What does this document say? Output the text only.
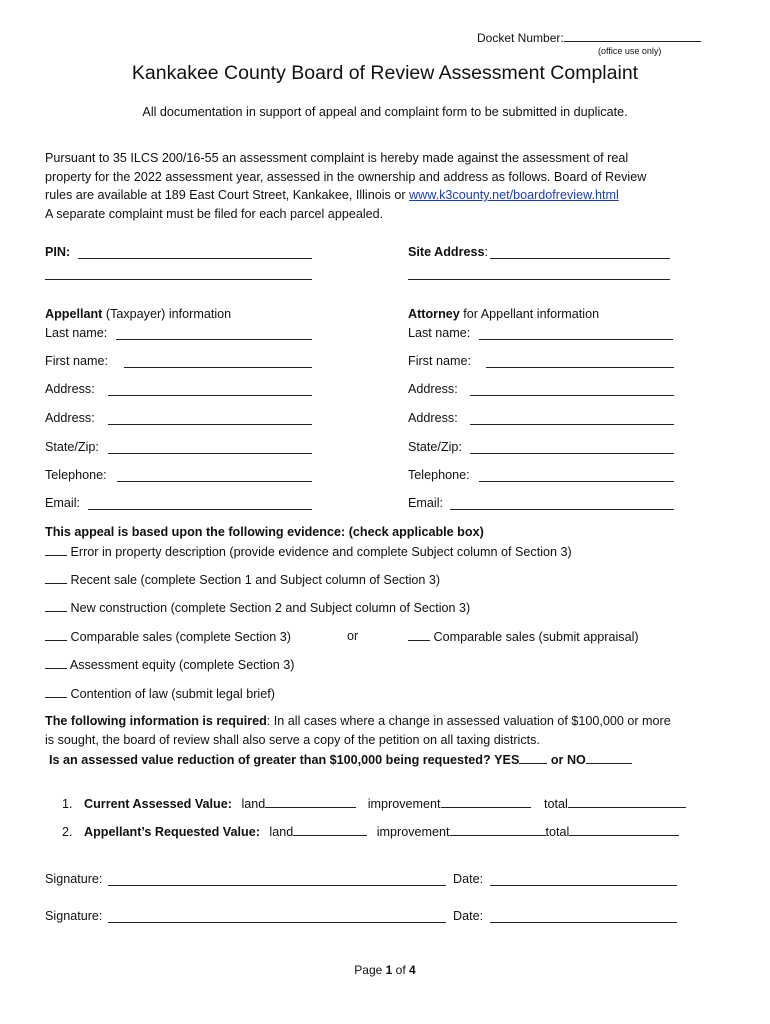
Docket Number:
(office use only)
Kankakee County Board of Review Assessment Complaint
All documentation in support of appeal and complaint form to be submitted in duplicate.
Pursuant to 35 ILCS 200/16-55 an assessment complaint is hereby made against the assessment of real
property for the 2022 assessment year, assessed in the ownership and address as follows. Board of Review
rules are available at 189 East Court Street, Kankakee, Illinois or www.k3county.net/boardofreview.html
A separate complaint must be filed for each parcel appealed.
PIN:	Site Address:
Appellant (Taxpayer) information
Last name:
First name:
Address:
Address:
State/Zip:
Telephone:
Email:
Attorney for Appellant information
Last name:
First name:
Address:
Address:
State/Zip:
Telephone:
Email:
This appeal is based upon the following evidence: (check applicable box)
Error in property description (provide evidence and complete Subject column of Section 3)
Recent sale (complete Section 1 and Subject column of Section 3)
New construction (complete Section 2 and Subject column of Section 3)
Comparable sales (complete Section 3)	or	Comparable sales (submit appraisal)
Assessment equity (complete Section 3)
Contention of law (submit legal brief)
The following information is required: In all cases where a change in assessed valuation of $100,000 or more
is sought, the board of review shall also serve a copy of the petition on all taxing districts.
Is an assessed value reduction of greater than $100,000 being requested? YES	or NO
1. Current Assessed Value: land	improvement	total
2. Appellant’s Requested Value: land	improvement	total
Signature:	Date:
Signature:	Date:
Page 1 of 4
